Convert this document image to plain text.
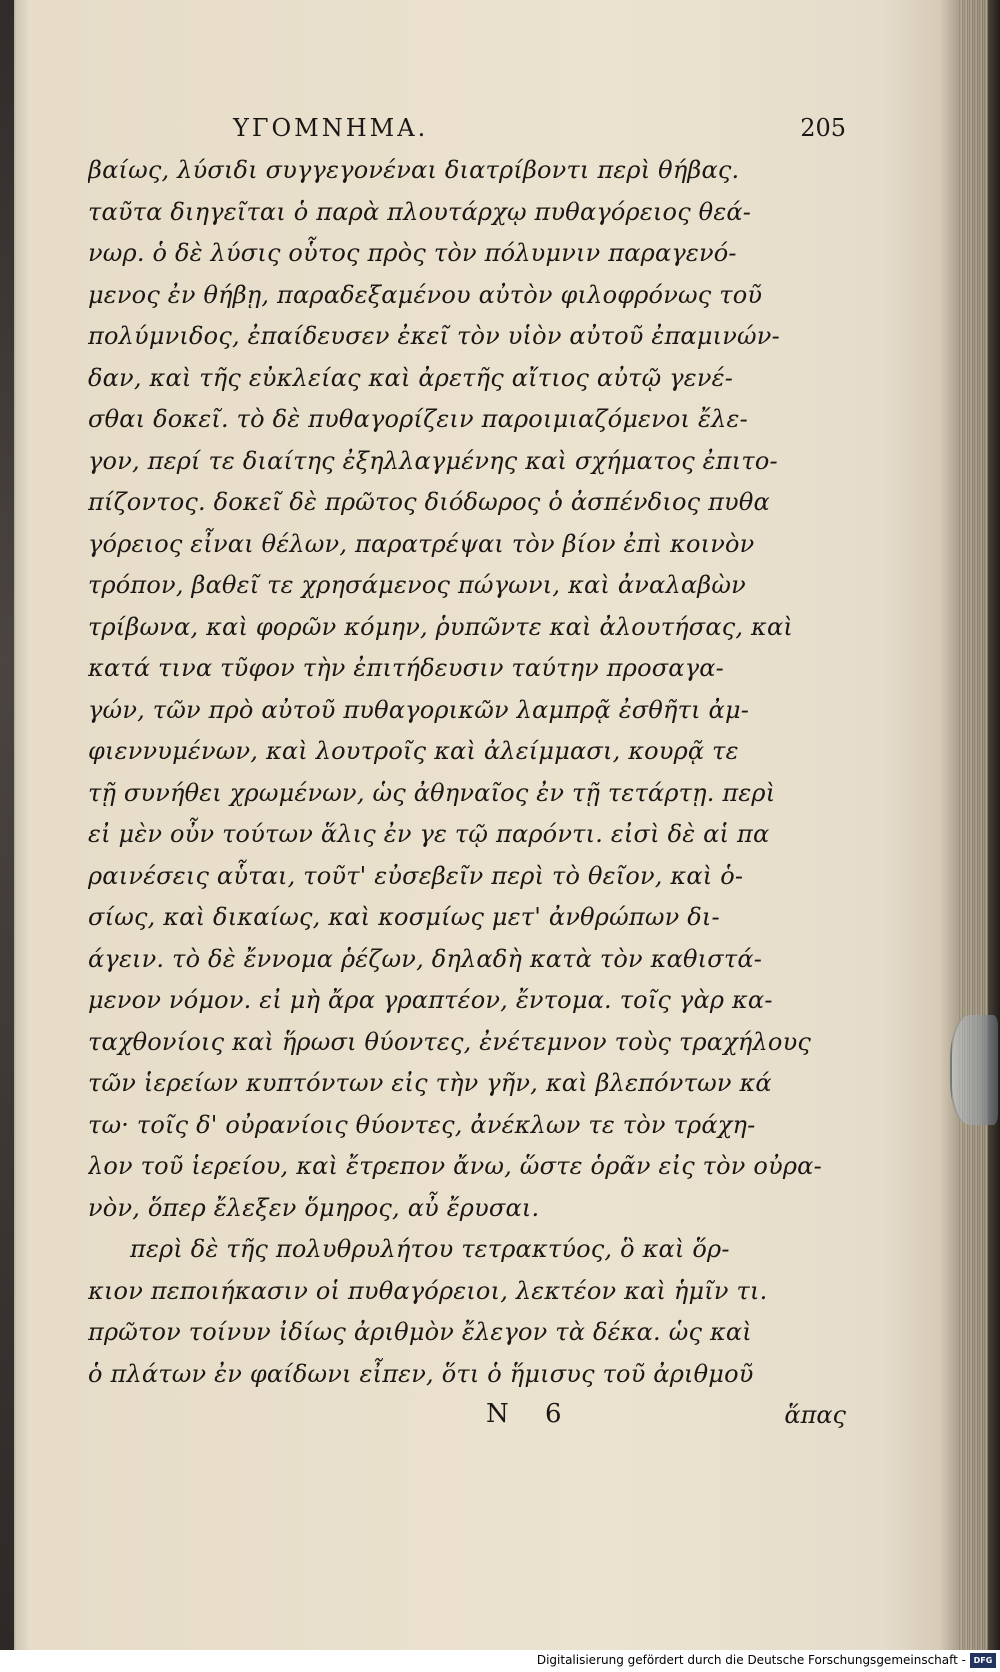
ΥΓΟΜΝΗΜΑ.	205
βαίως, λύσιδι συγγεγονέναι διατρίβοντι περὶ θήβας.
ταῦτα διηγεῖται ὁ παρὰ πλουτάρχῳ πυθαγόρειος θεά-
νωρ. ὁ δὲ λύσις οὗτος πρὸς τὸν πόλυμνιν παραγενό-
μενος ἐν θήβῃ, παραδεξαμένου αὐτὸν φιλοφρόνως τοῦ
πολύμνιδος, ἐπαίδευσεν ἐκεῖ τὸν υἱὸν αὐτοῦ ἐπαμινών-
δαν, καὶ τῆς εὐκλείας καὶ ἀρετῆς αἴτιος αὐτῷ γενέ-
σθαι δοκεῖ. τὸ δὲ πυθαγορίζειν παροιμιαζόμενοι ἔλε-
γον, περί τε διαίτης ἐξηλλαγμένης καὶ σχήματος ἐπιτο-
πίζοντος. δοκεῖ δὲ πρῶτος διόδωρος ὁ ἀσπένδιος πυθα
γόρειος εἶναι θέλων, παρατρέψαι τὸν βίον ἐπὶ κοινὸν
τρόπον, βαθεῖ τε χρησάμενος πώγωνι, καὶ ἀναλαβὼν
τρίβωνα, καὶ φορῶν κόμην, ῥυπῶντε καὶ ἀλουτήσας, καὶ
κατά τινα τῦφον τὴν ἐπιτήδευσιν ταύτην προσαγα-
γών, τῶν πρὸ αὐτοῦ πυθαγορικῶν λαμπρᾷ ἐσθῆτι ἀμ-
φιεννυμένων, καὶ λουτροῖς καὶ ἀλείμμασι, κουρᾷ τε
τῇ συνήθει χρωμένων, ὡς ἀθηναῖος ἐν τῇ τετάρτῃ. περὶ
εἰ μὲν οὖν τούτων ἅλις ἐν γε τῷ παρόντι. εἰσὶ δὲ αἱ πα
ραινέσεις αὗται, τοῦτ' εὐσεβεῖν περὶ τὸ θεῖον, καὶ ὁ-
σίως, καὶ δικαίως, καὶ κοσμίως μετ' ἀνθρώπων δι-
άγειν. τὸ δὲ ἔννομα ῥέζων, δηλαδὴ κατὰ τὸν καθιστά-
μενον νόμον. εἰ μὴ ἄρα γραπτέον, ἔντομα. τοῖς γὰρ κα-
ταχθονίοις καὶ ἥρωσι θύοντες, ἐνέτεμνον τοὺς τραχήλους
τῶν ἱερείων κυπτόντων εἰς τὴν γῆν, καὶ βλεπόντων κά
τω· τοῖς δ' οὐρανίοις θύοντες, ἀνέκλων τε τὸν τράχη-
λον τοῦ ἱερείου, καὶ ἔτρεπον ἄνω, ὥστε ὁρᾶν εἰς τὸν οὐρα-
νὸν, ὅπερ ἔλεξεν ὅμηρος, αὖ ἔρυσαι.
περὶ δὲ τῆς πολυθρυλήτου τετρακτύος, ὃ καὶ ὅρ-
κιον πεποιήκασιν οἱ πυθαγόρειοι, λεκτέον καὶ ἡμῖν τι.
πρῶτον τοίνυν ἰδίως ἀριθμὸν ἔλεγον τὰ δέκα. ὡς καὶ
ὁ πλάτων ἐν φαίδωνι εἶπεν, ὅτι ὁ ἥμισυς τοῦ ἀριθμοῦ
N 6	ἅπας
Digitalisierung gefördert durch die Deutsche Forschungsgemeinschaft - DFG
